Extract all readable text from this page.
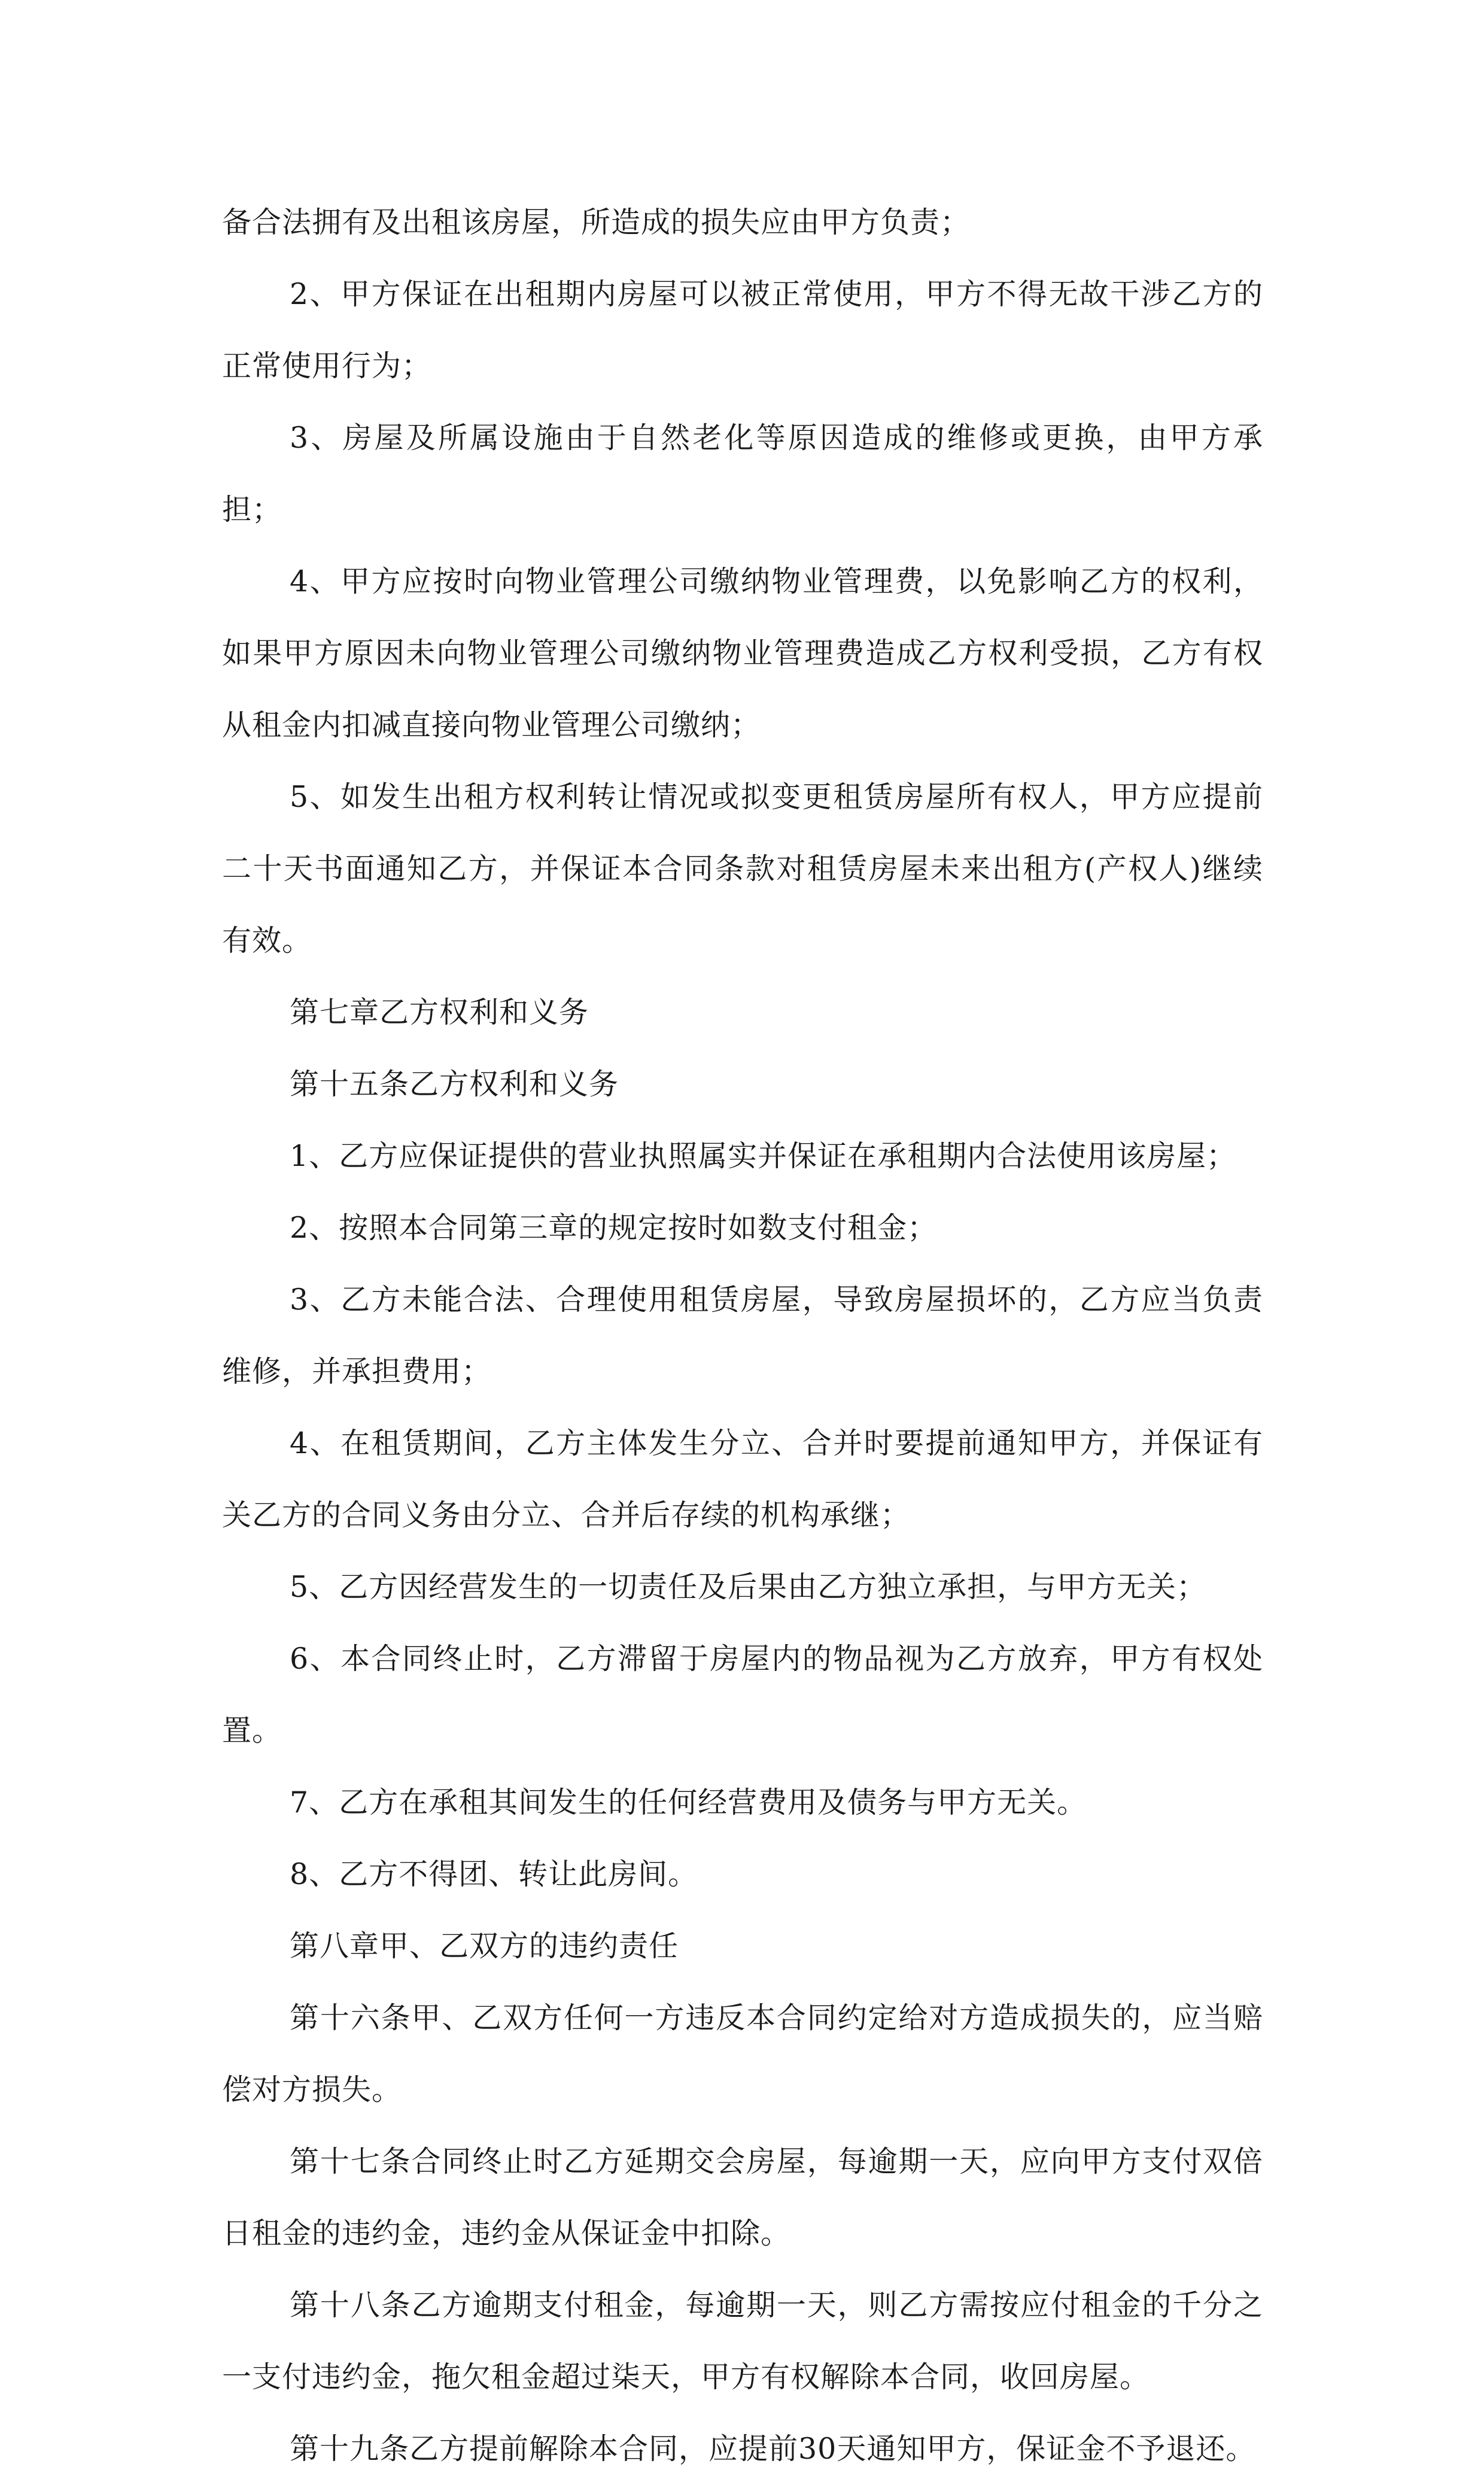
备合法拥有及出租该房屋，所造成的损失应由甲方负责；

2、甲方保证在出租期内房屋可以被正常使用，甲方不得无故干涉乙方的正常使用行为；

3、房屋及所属设施由于自然老化等原因造成的维修或更换，由甲方承担；

4、甲方应按时向物业管理公司缴纳物业管理费，以免影响乙方的权利，如果甲方原因未向物业管理公司缴纳物业管理费造成乙方权利受损，乙方有权从租金内扣减直接向物业管理公司缴纳；

5、如发生出租方权利转让情况或拟变更租赁房屋所有权人，甲方应提前二十天书面通知乙方，并保证本合同条款对租赁房屋未来出租方(产权人)继续有效。

第七章乙方权利和义务

第十五条乙方权利和义务

1、乙方应保证提供的营业执照属实并保证在承租期内合法使用该房屋；

2、按照本合同第三章的规定按时如数支付租金；

3、乙方未能合法、合理使用租赁房屋，导致房屋损坏的，乙方应当负责维修，并承担费用；

4、在租赁期间，乙方主体发生分立、合并时要提前通知甲方，并保证有关乙方的合同义务由分立、合并后存续的机构承继；

5、乙方因经营发生的一切责任及后果由乙方独立承担，与甲方无关；

6、本合同终止时，乙方滞留于房屋内的物品视为乙方放弃，甲方有权处置。

7、乙方在承租其间发生的任何经营费用及债务与甲方无关。

8、乙方不得团、转让此房间。

第八章甲、乙双方的违约责任

第十六条甲、乙双方任何一方违反本合同约定给对方造成损失的，应当赔偿对方损失。

第十七条合同终止时乙方延期交会房屋，每逾期一天，应向甲方支付双倍日租金的违约金，违约金从保证金中扣除。

第十八条乙方逾期支付租金，每逾期一天，则乙方需按应付租金的千分之一支付违约金，拖欠租金超过柒天，甲方有权解除本合同，收回房屋。

第十九条乙方提前解除本合同，应提前30天通知甲方，保证金不予退还。
